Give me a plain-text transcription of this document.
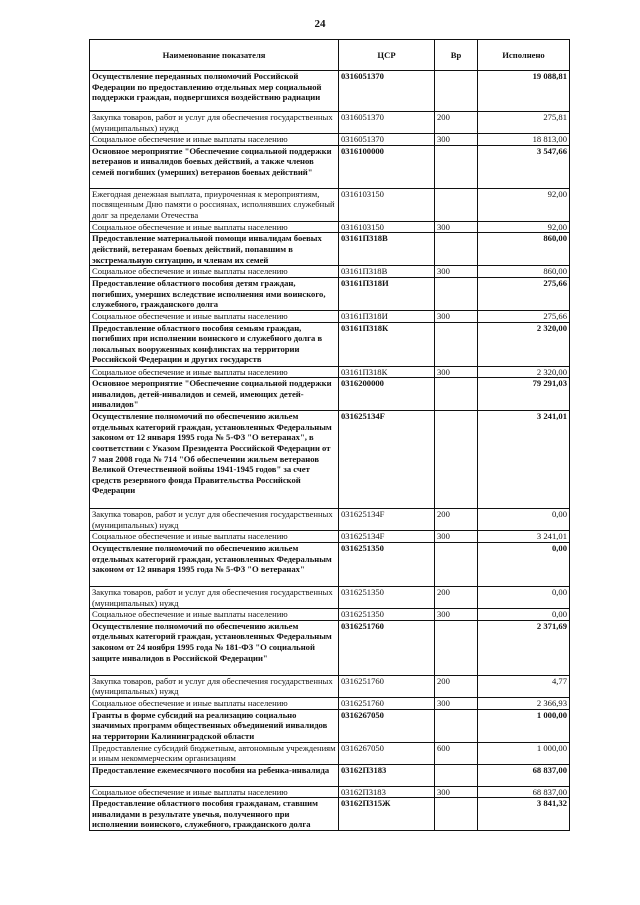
24
Наименование показателя	ЦСР	Вр	Исполнено
Осуществление переданных полномочий Российской Федерации по предоставлению отдельных мер социальной поддержки граждан, подвергшихся воздействию радиации	0316051370		19 088,81
Закупка товаров, работ и услуг для обеспечения государственных (муниципальных) нужд	0316051370	200	275,81
Социальное обеспечение и иные выплаты населению	0316051370	300	18 813,00
Основное мероприятие "Обеспечение социальной поддержки ветеранов и инвалидов боевых действий, а также членов семей погибших (умерших) ветеранов боевых действий"	0316100000		3 547,66
Ежегодная денежная выплата, приуроченная к мероприятиям, посвященным Дню памяти о россиянах, исполнявших служебный долг за пределами Отечества	0316103150		92,00
Социальное обеспечение и иные выплаты населению	0316103150	300	92,00
Предоставление материальной помощи инвалидам боевых действий, ветеранам боевых действий, попавшим в экстремальную ситуацию, и членам их семей	03161П318В		860,00
Социальное обеспечение и иные выплаты населению	03161П318В	300	860,00
Предоставление областного пособия детям граждан, погибших, умерших вследствие исполнения ими воинского, служебного, гражданского долга	03161П318И		275,66
Социальное обеспечение и иные выплаты населению	03161П318И	300	275,66
Предоставление областного пособия семьям граждан, погибших при исполнении воинского и служебного долга в локальных вооруженных конфликтах на территории Российской Федерации и других государств	03161П318К		2 320,00
Социальное обеспечение и иные выплаты населению	03161П318К	300	2 320,00
Основное мероприятие "Обеспечение социальной поддержки инвалидов, детей-инвалидов и семей, имеющих детей-инвалидов"	0316200000		79 291,03
Осуществление полномочий по обеспечению жильем отдельных категорий граждан, установленных Федеральным законом от 12 января 1995 года № 5-ФЗ "О ветеранах", в соответствии с Указом Президента Российской Федерации от 7 мая 2008 года № 714 "Об обеспечении жильем ветеранов Великой Отечественной войны 1941-1945 годов" за счет средств резервного фонда Правительства Российской Федерации	031625134F		3 241,01
Закупка товаров, работ и услуг для обеспечения государственных (муниципальных) нужд	031625134F	200	0,00
Социальное обеспечение и иные выплаты населению	031625134F	300	3 241,01
Осуществление полномочий по обеспечению жильем отдельных категорий граждан, установленных Федеральным законом от 12 января 1995 года № 5-ФЗ "О ветеранах"	0316251350		0,00
Закупка товаров, работ и услуг для обеспечения государственных (муниципальных) нужд	0316251350	200	0,00
Социальное обеспечение и иные выплаты населению	0316251350	300	0,00
Осуществление полномочий по обеспечению жильем отдельных категорий граждан, установленных Федеральным законом от 24 ноября 1995 года № 181-ФЗ "О социальной защите инвалидов в Российской Федерации"	0316251760		2 371,69
Закупка товаров, работ и услуг для обеспечения государственных (муниципальных) нужд	0316251760	200	4,77
Социальное обеспечение и иные выплаты населению	0316251760	300	2 366,93
Гранты в форме субсидий на реализацию социально значимых программ общественных объединений инвалидов на территории Калининградской области	0316267050		1 000,00
Предоставление субсидий бюджетным, автономным учреждениям и иным некоммерческим организациям	0316267050	600	1 000,00
Предоставление ежемесячного пособия на ребенка-инвалида	03162П3183		68 837,00
Социальное обеспечение и иные выплаты населению	03162П3183	300	68 837,00
Предоставление областного пособия гражданам, ставшим инвалидами в результате увечья, полученного при исполнении воинского, служебного, гражданского долга	03162П315Ж		3 841,32
